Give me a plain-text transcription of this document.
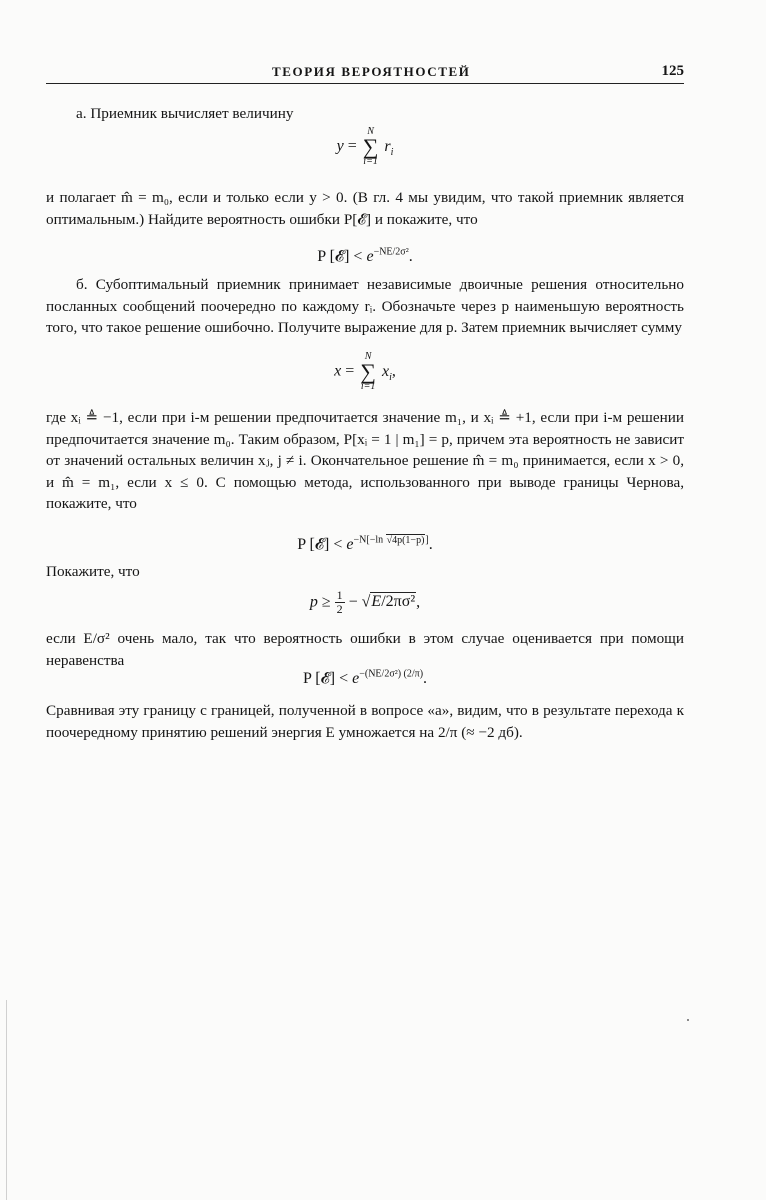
ТЕОРИЯ ВЕРОЯТНОСТЕЙ	125

а. Приемник вычисляет величину

y =
N
∑
i=1
$r_i$

и полагает m̂ = m₀, если и только если y > 0. (В гл. 4 мы увидим, что такой приемник является оптимальным.) Найдите вероятность ошибки P[𝓔] и покажите, что

P [𝓔] < $e^{-NE/2\sigma^2}$.

б. Субоптимальный приемник принимает независимые двоичные решения относительно посланных сообщений поочередно по каждому rᵢ. Обозначьте через p наименьшую вероятность того, что такое решение ошибочно. Получите выражение для p. Затем приемник вычисляет сумму

x =
N
∑
i=1
$x_i$,

где xᵢ ≜ −1, если при i-м решении предпочитается значение m₁, и xᵢ ≜ +1, если при i-м решении предпочитается значение m₀. Таким образом, P[xᵢ = 1 | m₁] = p, причем эта вероятность не зависит от значений остальных величин xⱼ, j ≠ i. Окончательное решение m̂ = m₀ принимается, если x > 0, и m̂ = m₁, если x ≤ 0. С помощью метода, использованного при выводе границы Чернова, покажите, что

P [𝓔] < $e^{-N[-ln √4p(1-p)]}$.

Покажите, что

$p \ge \frac{1}{2} - √E/2\pi\sigma^2$,

если E/σ² очень мало, так что вероятность ошибки в этом случае оценивается при помощи неравенства

P [𝓔] < $e^{-(NE/2\sigma^2) (2/\pi)}$.

Сравнивая эту границу с границей, полученной в вопросе «а», видим, что в результате перехода к поочередному принятию решений энергия E умножается на 2/π (≈ −2 дб).
